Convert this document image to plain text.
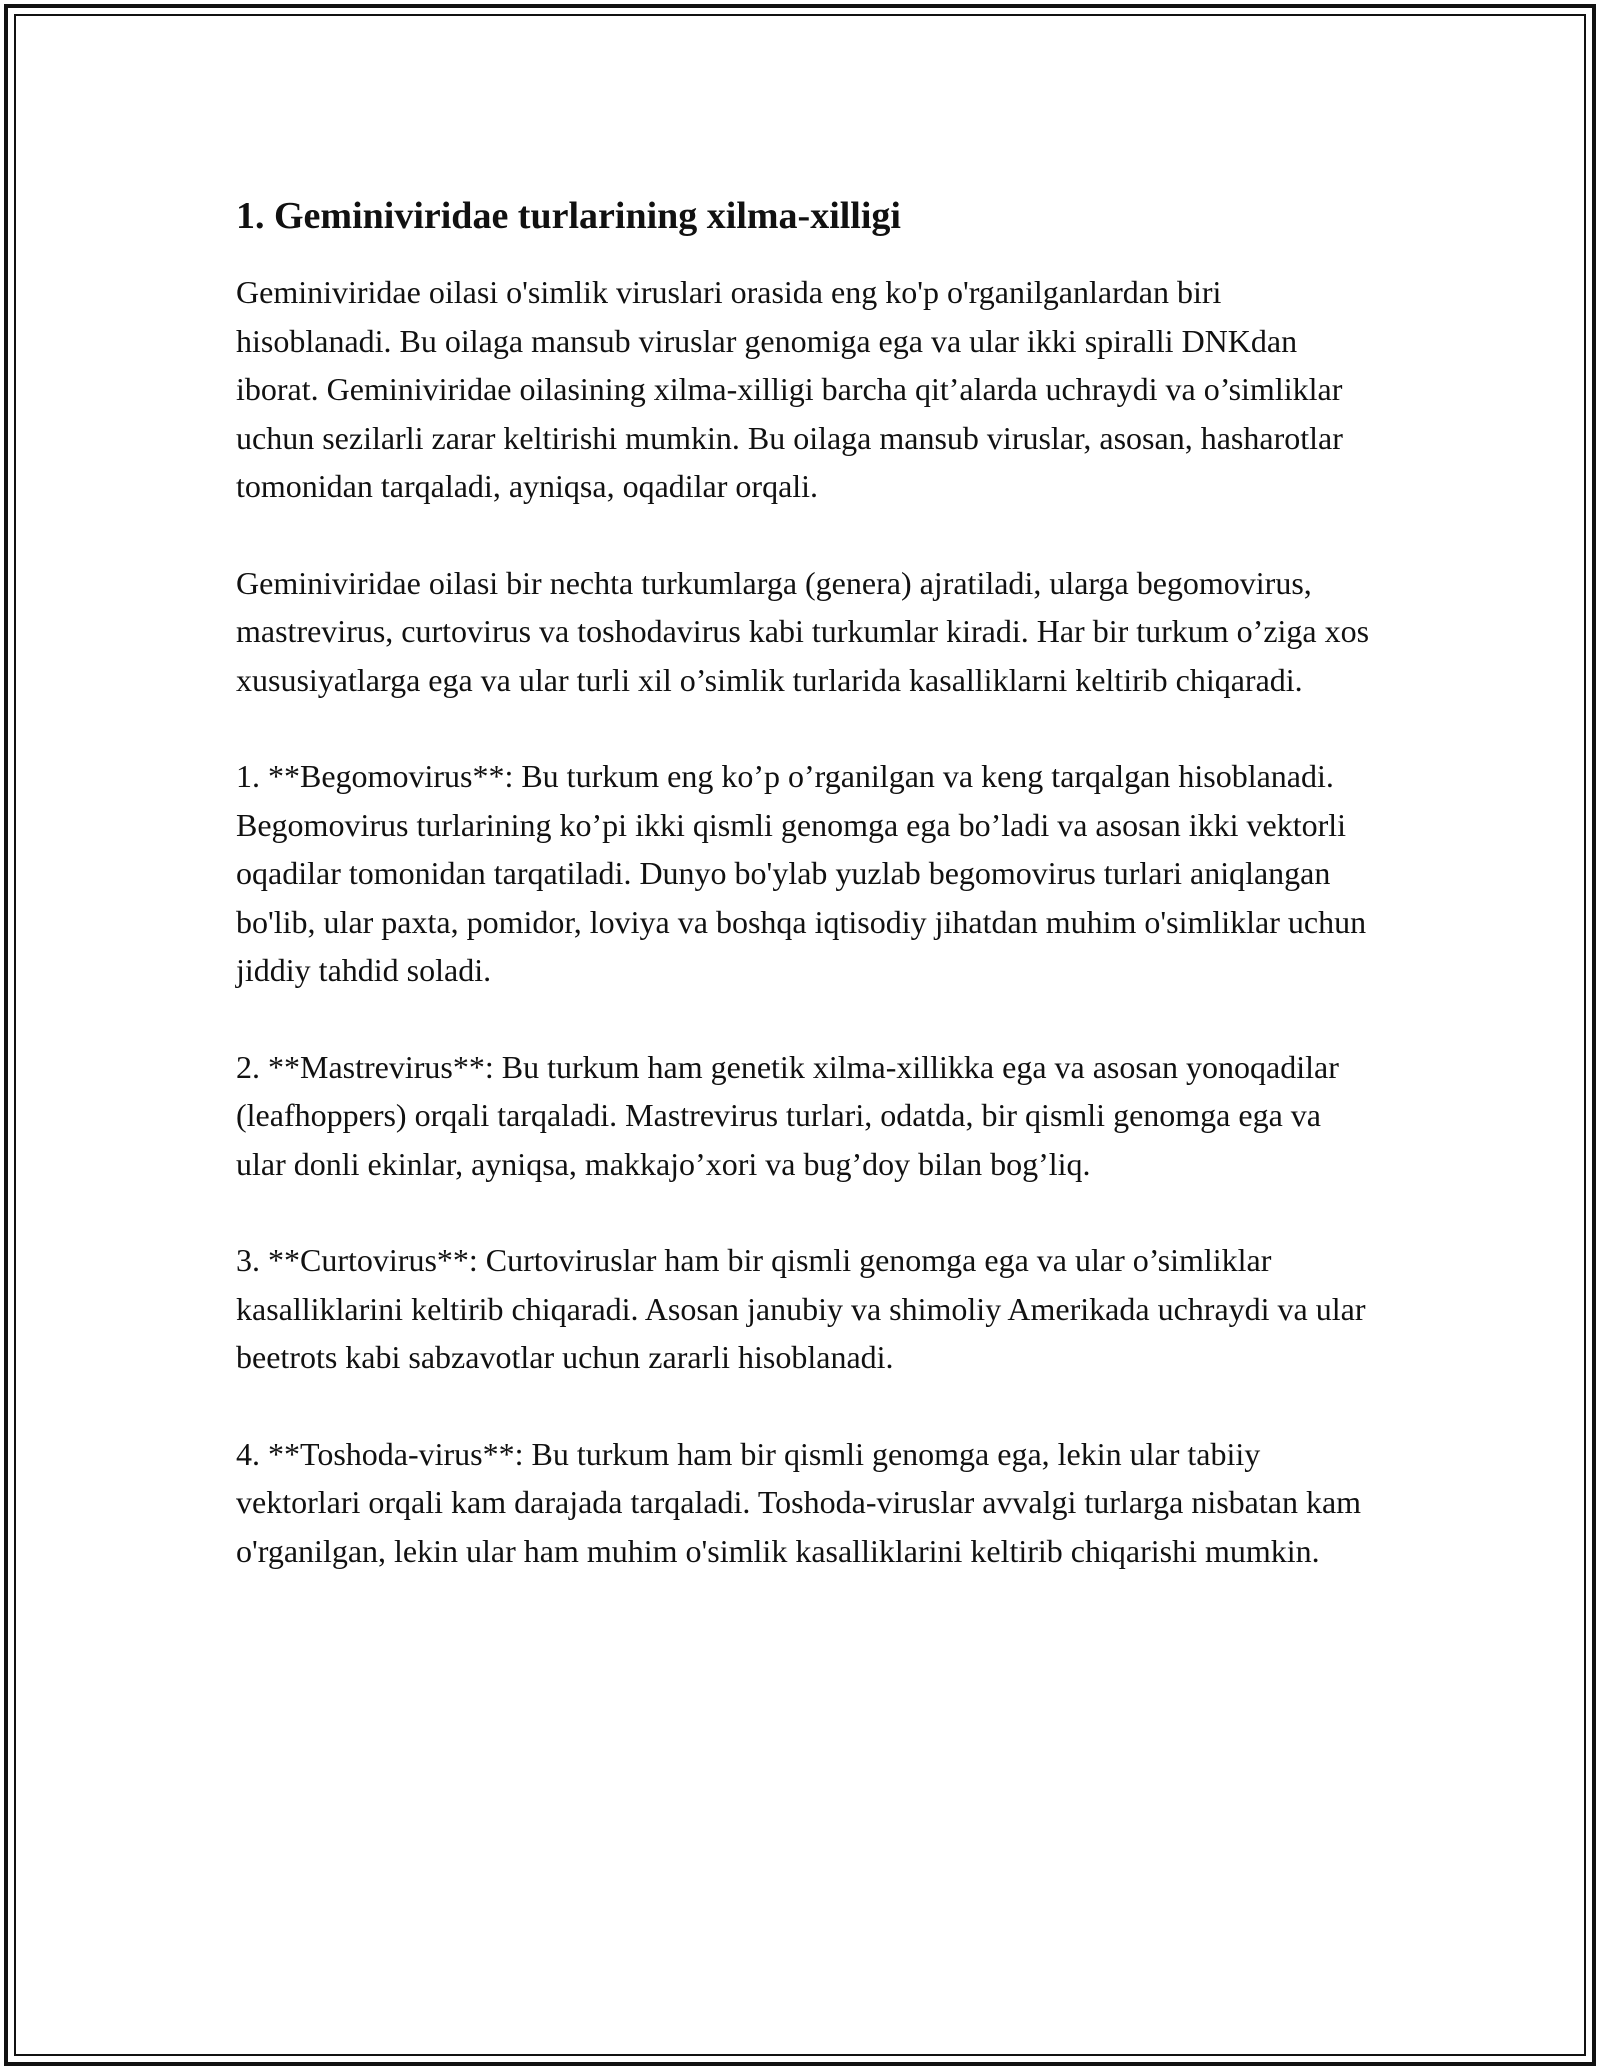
1. Geminiviridae turlarining xilma-xilligi

Geminiviridae oilasi o'simlik viruslari orasida eng ko'p o'rganilganlardan biri hisoblanadi. Bu oilaga mansub viruslar genomiga ega va ular ikki spiralli DNKdan iborat. Geminiviridae oilasining xilma-xilligi barcha qit’alarda uchraydi va o’simliklar uchun sezilarli zarar keltirishi mumkin. Bu oilaga mansub viruslar, asosan, hasharotlar tomonidan tarqaladi, ayniqsa, oqadilar orqali.

Geminiviridae oilasi bir nechta turkumlarga (genera) ajratiladi, ularga begomovirus, mastrevirus, curtovirus va toshodavirus kabi turkumlar kiradi. Har bir turkum o’ziga xos xususiyatlarga ega va ular turli xil o’simlik turlarida kasalliklarni keltirib chiqaradi.

1. **Begomovirus**: Bu turkum eng ko’p o’rganilgan va keng tarqalgan hisoblanadi. Begomovirus turlarining ko’pi ikki qismli genomga ega bo’ladi va asosan ikki vektorli oqadilar tomonidan tarqatiladi. Dunyo bo'ylab yuzlab begomovirus turlari aniqlangan bo'lib, ular paxta, pomidor, loviya va boshqa iqtisodiy jihatdan muhim o'simliklar uchun jiddiy tahdid soladi.

2. **Mastrevirus**: Bu turkum ham genetik xilma-xillikka ega va asosan yonoqadilar (leafhoppers) orqali tarqaladi. Mastrevirus turlari, odatda, bir qismli genomga ega va ular donli ekinlar, ayniqsa, makkajo’xori va bug’doy bilan bog’liq.

3. **Curtovirus**: Curtoviruslar ham bir qismli genomga ega va ular o’simliklar kasalliklarini keltirib chiqaradi. Asosan janubiy va shimoliy Amerikada uchraydi va ular beetrots kabi sabzavotlar uchun zararli hisoblanadi.

4. **Toshoda-virus**: Bu turkum ham bir qismli genomga ega, lekin ular tabiiy vektorlari orqali kam darajada tarqaladi. Toshoda-viruslar avvalgi turlarga nisbatan kam o'rganilgan, lekin ular ham muhim o'simlik kasalliklarini keltirib chiqarishi mumkin.
